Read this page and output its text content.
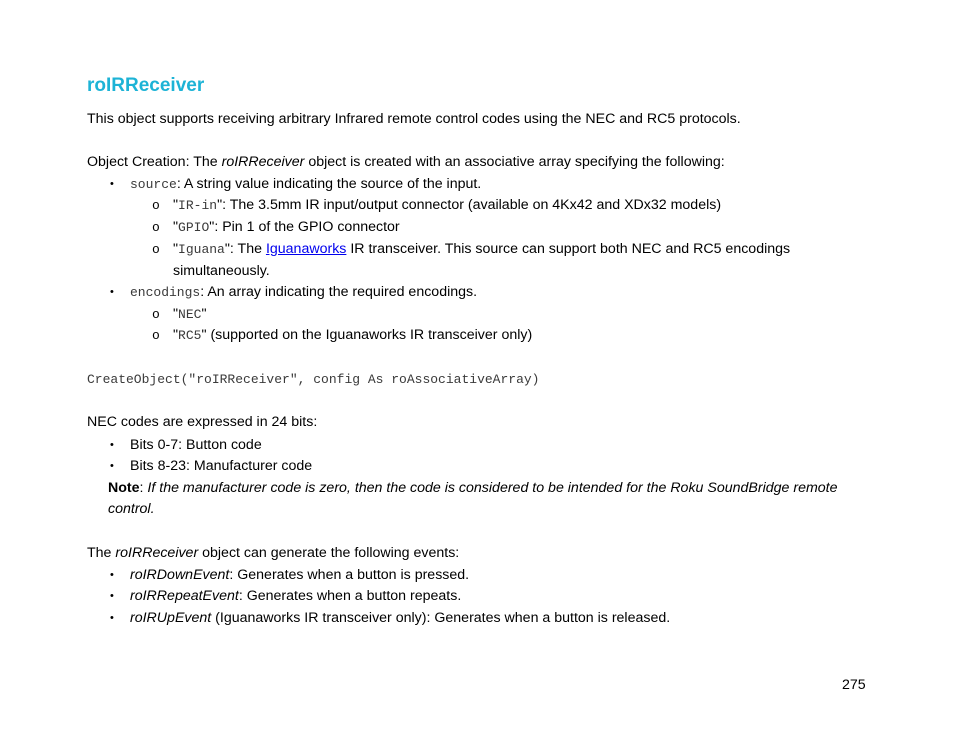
roIRReceiver
This object supports receiving arbitrary Infrared remote control codes using the NEC and RC5 protocols.
Object Creation: The roIRReceiver object is created with an associative array specifying the following:
• source: A string value indicating the source of the input.
o "IR-in": The 3.5mm IR input/output connector (available on 4Kx42 and XDx32 models)
o "GPIO": Pin 1 of the GPIO connector
o "Iguana": The Iguanaworks IR transceiver. This source can support both NEC and RC5 encodings
simultaneously.
• encodings: An array indicating the required encodings.
o "NEC"
o "RC5" (supported on the Iguanaworks IR transceiver only)
CreateObject("roIRReceiver", config As roAssociativeArray)
NEC codes are expressed in 24 bits:
• Bits 0-7: Button code
• Bits 8-23: Manufacturer code
Note: If the manufacturer code is zero, then the code is considered to be intended for the Roku SoundBridge remote
control.
The roIRReceiver object can generate the following events:
• roIRDownEvent: Generates when a button is pressed.
• roIRRepeatEvent: Generates when a button repeats.
• roIRUpEvent (Iguanaworks IR transceiver only): Generates when a button is released.
275
